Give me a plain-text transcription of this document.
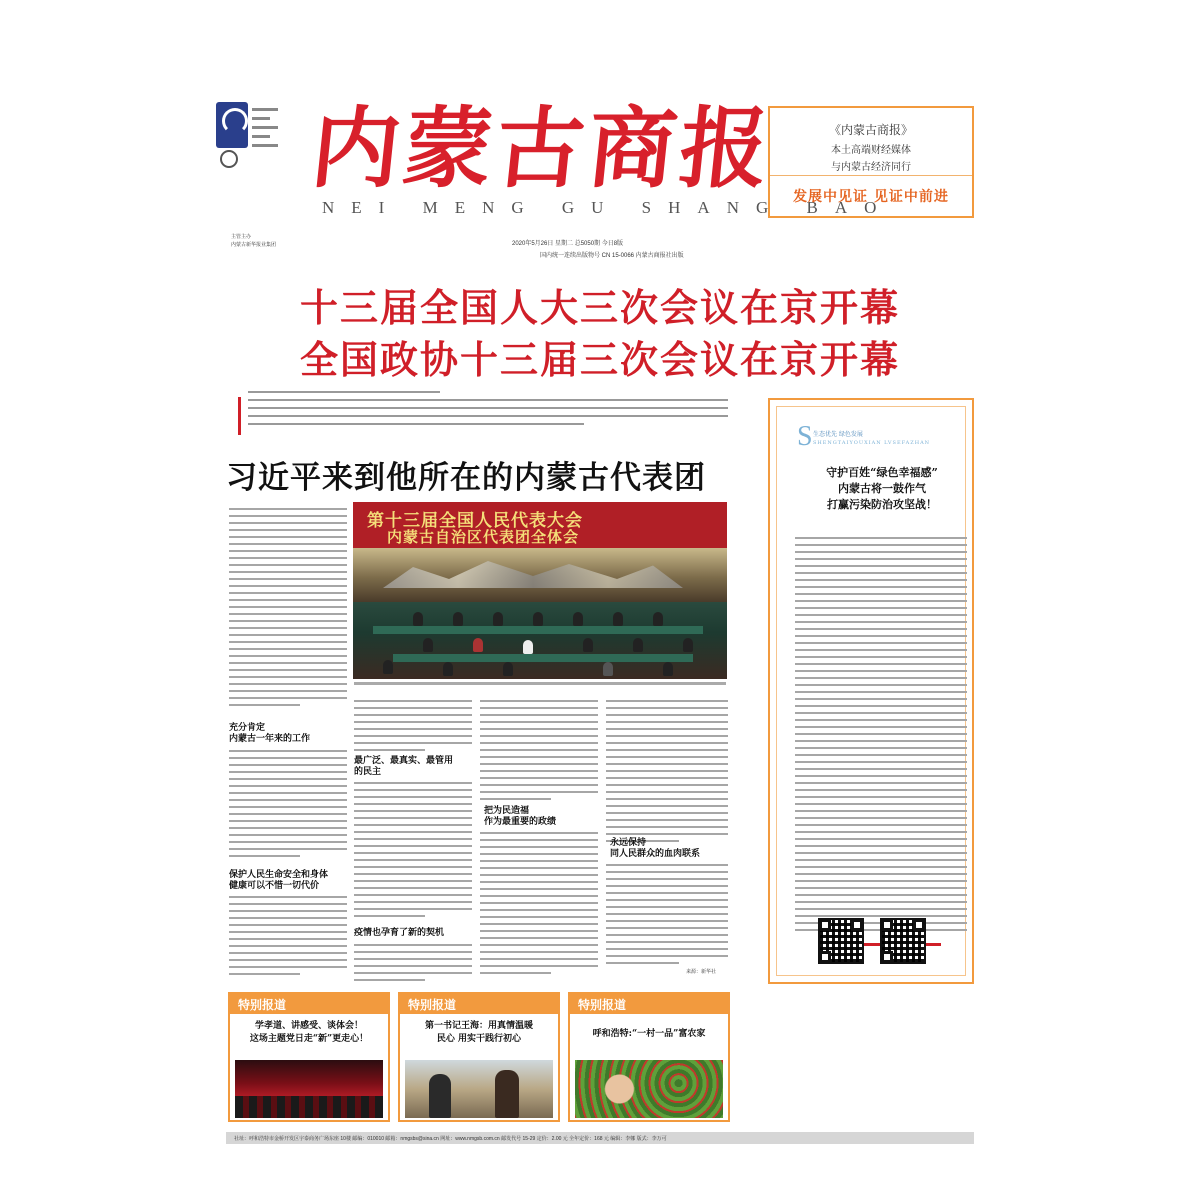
内蒙古商报
NEI MENG GU SHANG BAO
《内蒙古商报》
本土高端财经媒体
与内蒙古经济同行
发展中见证 见证中前进
主管主办
内蒙古新华报业集团	2020年5月26日 星期二 总5050期 今日8版
国内统一连续出版物号 CN 15-0066 内蒙古商报社出版
十三届全国人大三次会议在京开幕
全国政协十三届三次会议在京开幕
习近平来到他所在的内蒙古代表团
第十三届全国人民代表大会
内蒙古自治区代表团全体会
充分肯定
内蒙古一年来的工作
保护人民生命安全和身体
健康可以不惜一切代价
最广泛、最真实、最管用
的民主
疫情也孕育了新的契机
把为民造福
作为最重要的政绩
永远保持
同人民群众的血肉联系
来源：新华社
S 生态优先 绿色发展
SHENGTAIYOUXIAN LVSEFAZHAN
守护百姓“绿色幸福感”
内蒙古将一鼓作气
打赢污染防治攻坚战！
特别报道
学孝道、讲感受、谈体会！
这场主题党日走“新”更走心！
特别报道
第一书记王海：用真情温暖
民心 用实干践行初心
特别报道
呼和浩特:“一村一品”富农家
社址：呼和浩特市金桥开发区宇泰商务广场东座 10楼 邮编：010010 邮箱：nmgsbs@sina.cn 网址：www.nmgsb.com.cn 邮发代号 15-29 定价：2.00 元 全年定价：168 元 编辑：李娜 版式：李万可
